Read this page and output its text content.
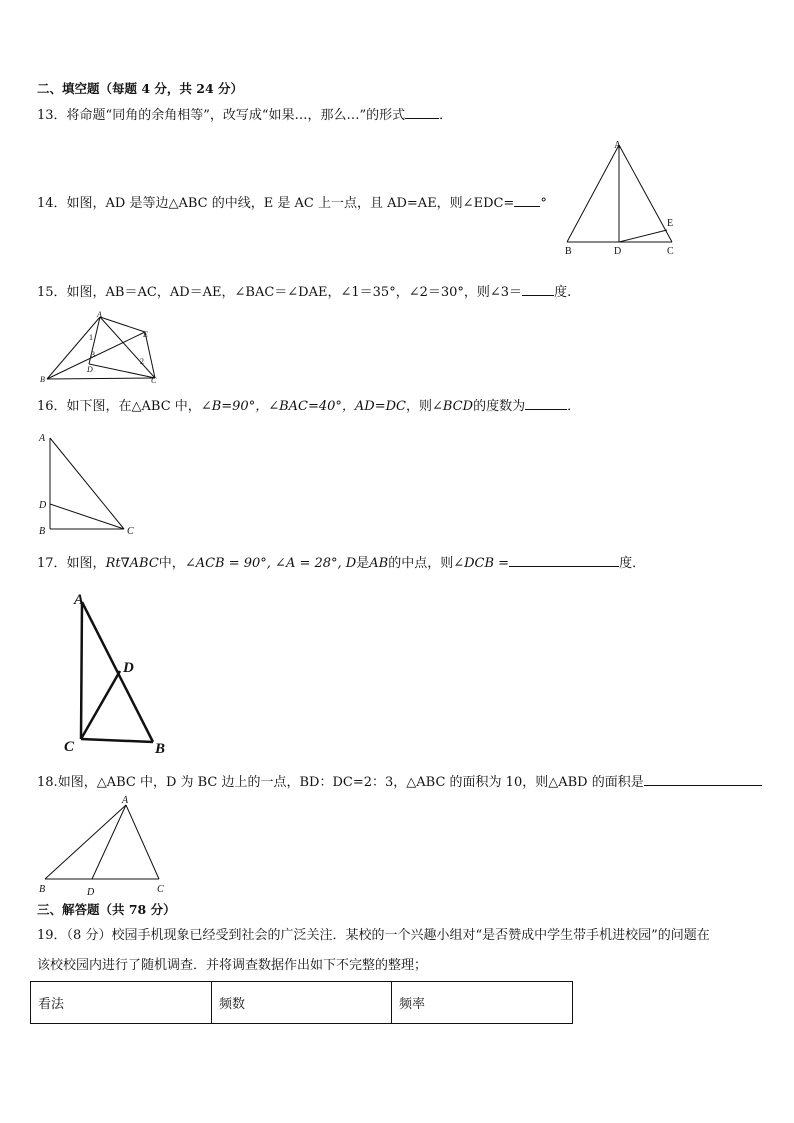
二、填空题（每题 4 分，共 24 分）
13．将命题“同角的余角相等”，改写成“如果…，那么…”的形式	．
14．如图，AD 是等边△ABC 的中线，E 是 AC 上一点，且 AD=AE，则∠EDC= °
A
B	C
D
E
15．如图，AB＝AC，AD＝AE，∠BAC＝∠DAE，∠1＝35°，∠2＝30°，则∠3＝ 度.
A
B	C
D
E
1
2
3
16．如下图，在△ABC 中，∠B=90°，∠BAC=40°，AD=DC，则∠BCD的度数为	．
A
D
B	C
17．如图，Rt∇ABC中，∠ACB = 90°, ∠A = 28°, D是AB的中点，则∠DCB =	度．
A
D
C	B
18.如图，△ABC 中，D 为 BC 边上的一点，BD：DC=2：3，△ABC 的面积为 10，则△ABD 的面积是
A
B	D	C
三、解答题（共 78 分）
19．（8 分）校园手机现象已经受到社会的广泛关注．某校的一个兴趣小组对“是否赞成中学生带手机进校园”的问题在
该校校园内进行了随机调查．并将调查数据作出如下不完整的整理；
看法	频数	频率
